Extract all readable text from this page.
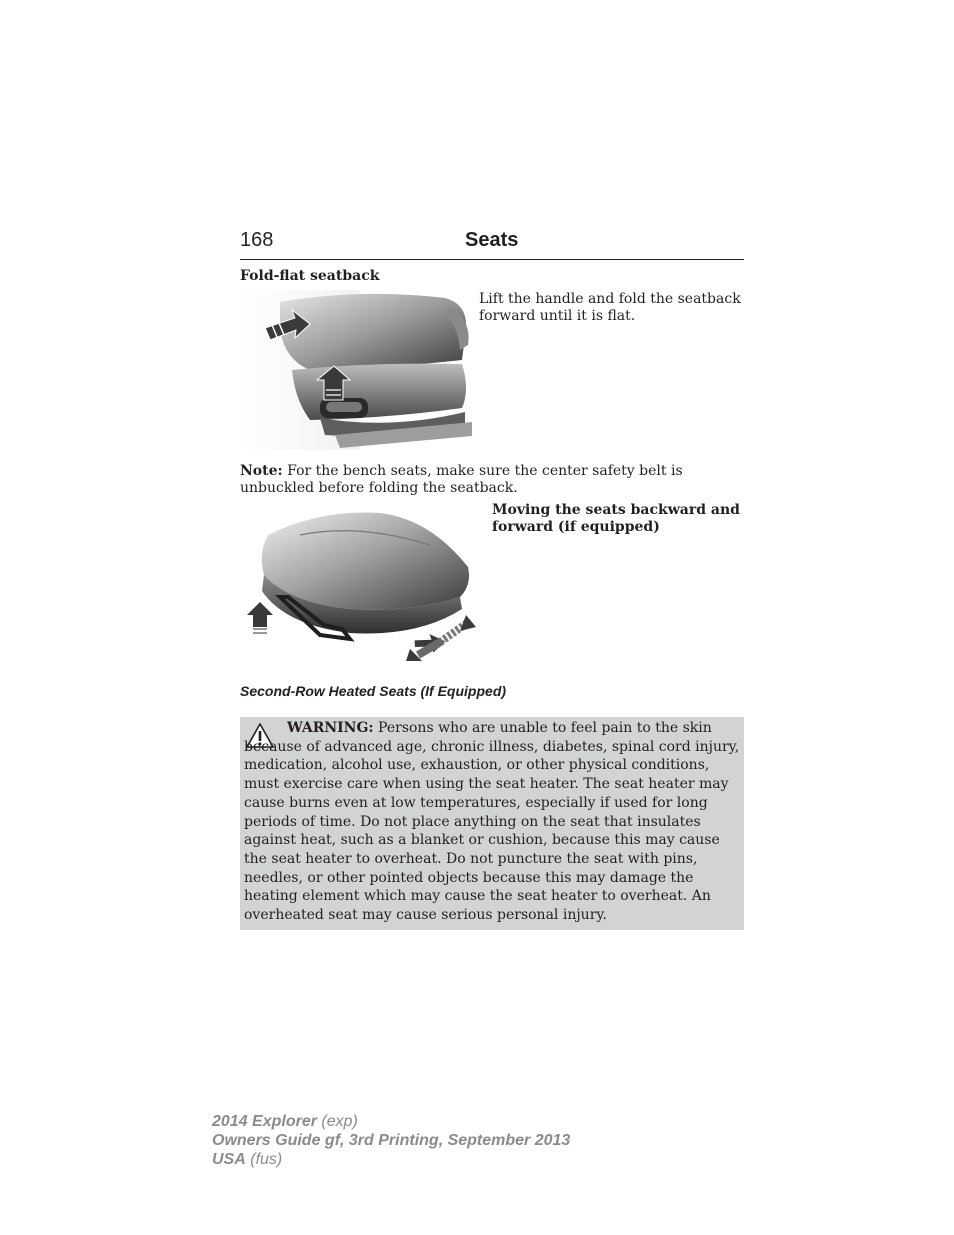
168	Seats
Fold-flat seatback
Lift the handle and fold the seatback forward until it is flat.
Note: For the bench seats, make sure the center safety belt is unbuckled before folding the seatback.
Moving the seats backward and forward (if equipped)
Second-Row Heated Seats (If Equipped)
WARNING: Persons who are unable to feel pain to the skin because of advanced age, chronic illness, diabetes, spinal cord injury, medication, alcohol use, exhaustion, or other physical conditions, must exercise care when using the seat heater. The seat heater may cause burns even at low temperatures, especially if used for long periods of time. Do not place anything on the seat that insulates against heat, such as a blanket or cushion, because this may cause the seat heater to overheat. Do not puncture the seat with pins, needles, or other pointed objects because this may damage the heating element which may cause the seat heater to overheat. An overheated seat may cause serious personal injury.
2014 Explorer (exp)
Owners Guide gf, 3rd Printing, September 2013
USA (fus)
